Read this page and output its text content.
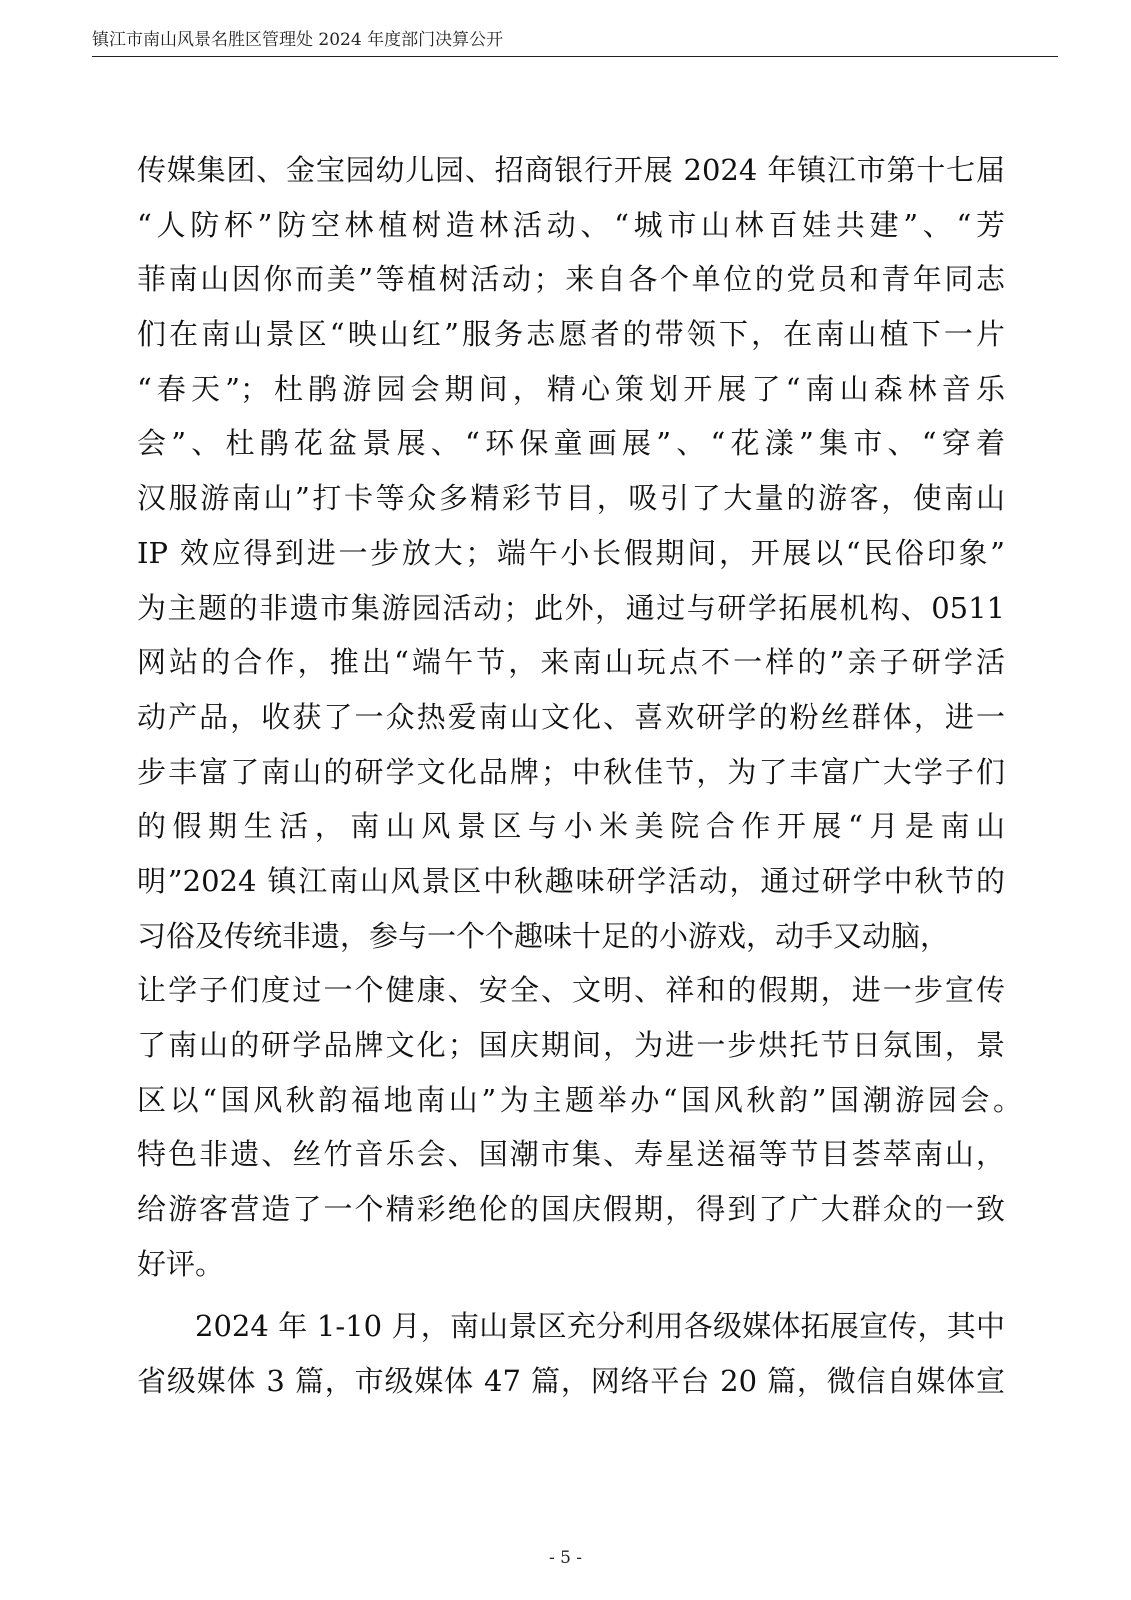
镇江市南山风景名胜区管理处 2024 年度部门决算公开
传媒集团、金宝园幼儿园、招商银行开展 2024 年镇江市第十七届
“人防杯”防空林植树造林活动、“城市山林百娃共建”、“芳
菲南山因你而美”等植树活动；来自各个单位的党员和青年同志
们在南山景区“映山红”服务志愿者的带领下，在南山植下一片
“春天”；杜鹃游园会期间，精心策划开展了“南山森林音乐
会”、杜鹃花盆景展、“环保童画展”、“花漾”集市、“穿着
汉服游南山”打卡等众多精彩节目，吸引了大量的游客，使南山
IP 效应得到进一步放大；端午小长假期间，开展以“民俗印象”
为主题的非遗市集游园活动；此外，通过与研学拓展机构、0511
网站的合作，推出“端午节，来南山玩点不一样的”亲子研学活
动产品，收获了一众热爱南山文化、喜欢研学的粉丝群体，进一
步丰富了南山的研学文化品牌；中秋佳节，为了丰富广大学子们
的假期生活，南山风景区与小米美院合作开展“月是南山
明”2024 镇江南山风景区中秋趣味研学活动，通过研学中秋节的
习俗及传统非遗，参与一个个趣味十足的小游戏，动手又动脑，
让学子们度过一个健康、安全、文明、祥和的假期，进一步宣传
了南山的研学品牌文化；国庆期间，为进一步烘托节日氛围，景
区以“国风秋韵福地南山”为主题举办“国风秋韵”国潮游园会。
特色非遗、丝竹音乐会、国潮市集、寿星送福等节目荟萃南山，
给游客营造了一个精彩绝伦的国庆假期，得到了广大群众的一致
好评。
2024 年 1-10 月，南山景区充分利用各级媒体拓展宣传，其中
省级媒体 3 篇，市级媒体 47 篇，网络平台 20 篇，微信自媒体宣
- 5 -
